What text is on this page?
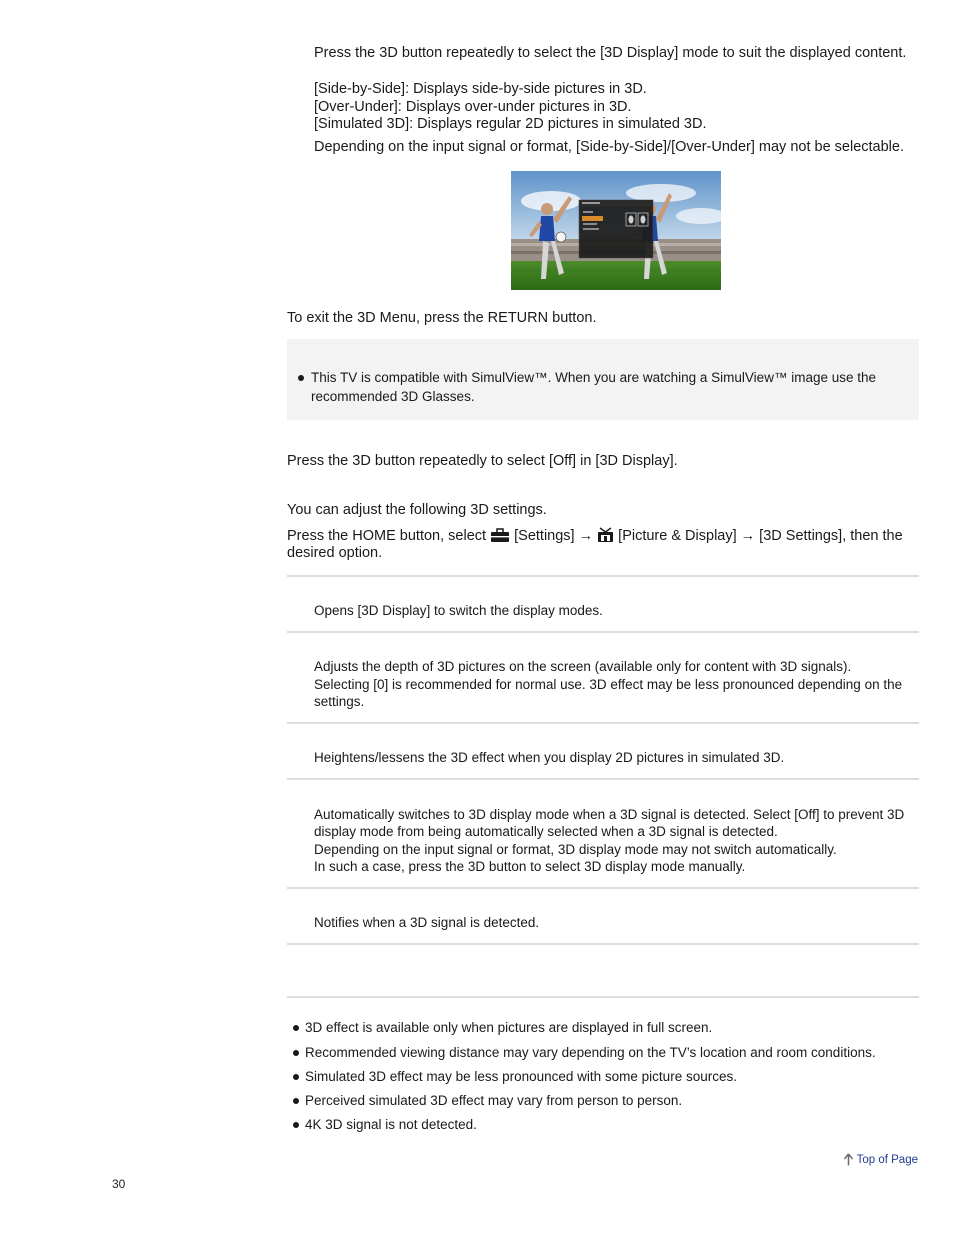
Press the 3D button repeatedly to select the [3D Display] mode to suit the displayed content.
[Side-by-Side]: Displays side-by-side pictures in 3D.
[Over-Under]: Displays over-under pictures in 3D.
[Simulated 3D]: Displays regular 2D pictures in simulated 3D.
Depending on the input signal or format, [Side-by-Side]/[Over-Under] may not be selectable.
To exit the 3D Menu, press the RETURN button.
This TV is compatible with SimulView™. When you are watching a SimulView™ image use the
recommended 3D Glasses.
Press the 3D button repeatedly to select [Off] in [3D Display].
You can adjust the following 3D settings.
Press the HOME button, select [Settings] → [Picture & Display] → [3D Settings], then the
desired option.
Opens [3D Display] to switch the display modes.
Adjusts the depth of 3D pictures on the screen (available only for content with 3D signals).
Selecting [0] is recommended for normal use. 3D effect may be less pronounced depending on the
settings.
Heightens/lessens the 3D effect when you display 2D pictures in simulated 3D.
Automatically switches to 3D display mode when a 3D signal is detected. Select [Off] to prevent 3D
display mode from being automatically selected when a 3D signal is detected.
Depending on the input signal or format, 3D display mode may not switch automatically.
In such a case, press the 3D button to select 3D display mode manually.
Notifies when a 3D signal is detected.
3D effect is available only when pictures are displayed in full screen.
Recommended viewing distance may vary depending on the TV’s location and room conditions.
Simulated 3D effect may be less pronounced with some picture sources.
Perceived simulated 3D effect may vary from person to person.
4K 3D signal is not detected.
Top of Page
30
